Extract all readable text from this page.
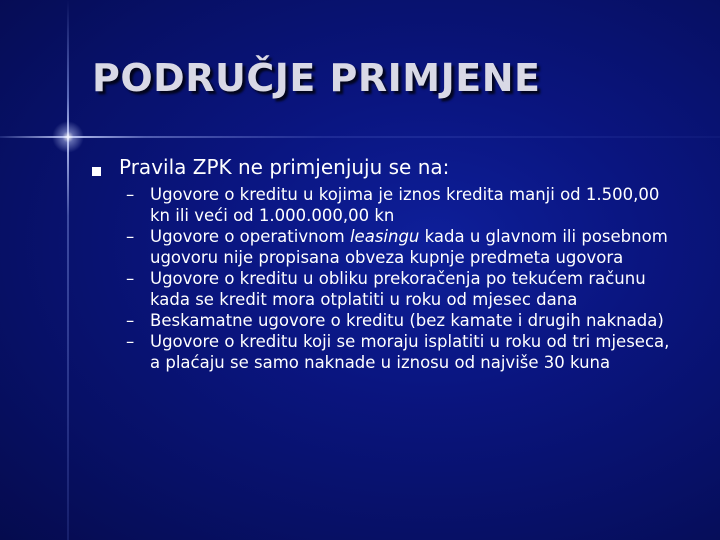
PODRUČJE PRIMJENE
Pravila ZPK ne primjenjuju se na:
– Ugovore o kreditu u kojima je iznos kredita manji od 1.500,00 kn ili veći od 1.000.000,00 kn
– Ugovore o operativnom leasingu kada u glavnom ili posebnom ugovoru nije propisana obveza kupnje predmeta ugovora
– Ugovore o kreditu u obliku prekoračenja po tekućem računu kada se kredit mora otplatiti u roku od mjesec dana
– Beskamatne ugovore o kreditu (bez kamate i drugih naknada)
– Ugovore o kreditu koji se moraju isplatiti u roku od tri mjeseca, a plaćaju se samo naknade u iznosu od najviše 30 kuna
